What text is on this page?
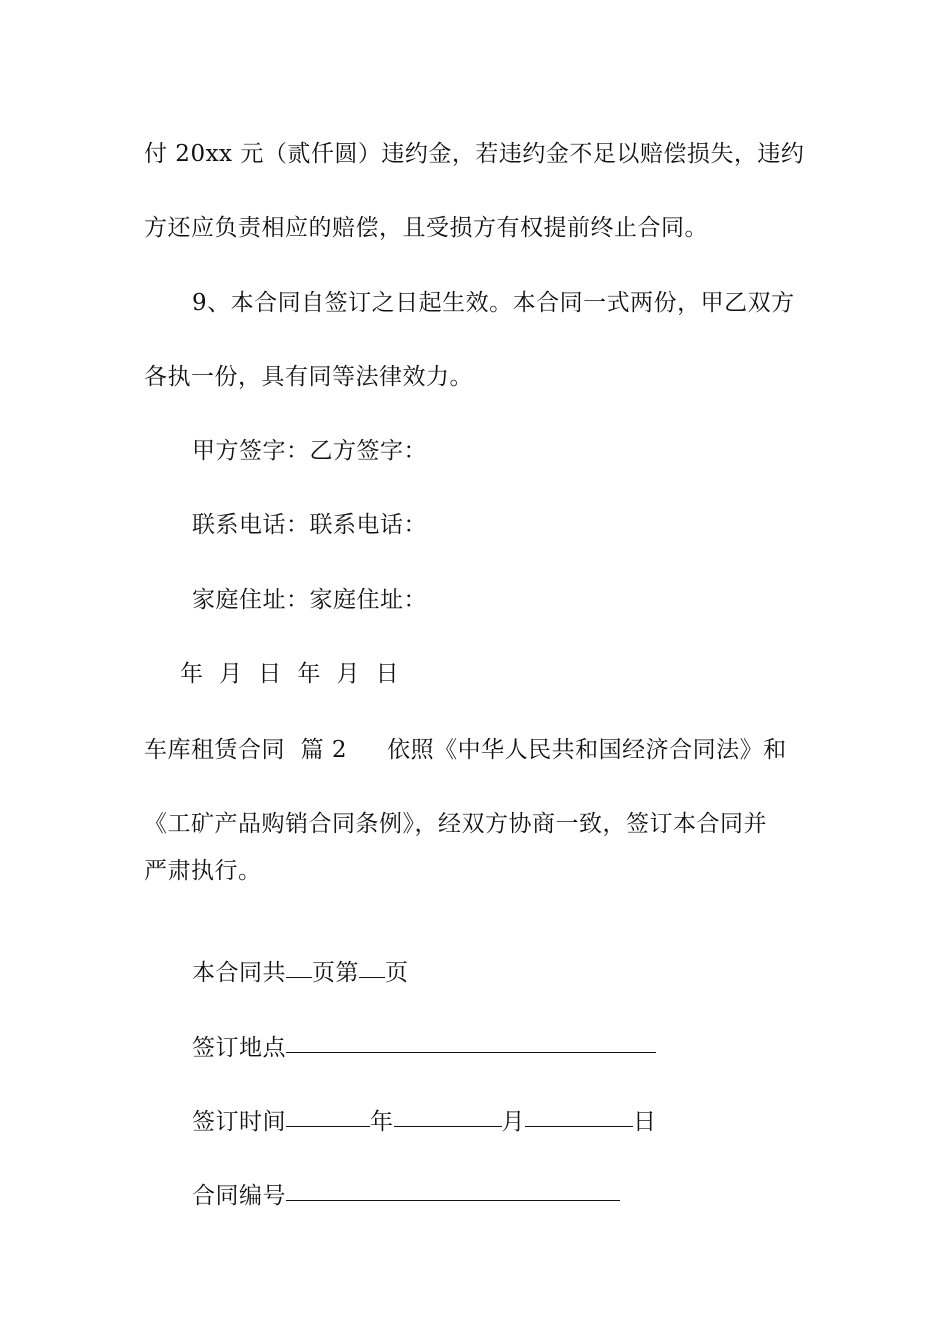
付 20xx 元（贰仟圆）违约金，若违约金不足以赔偿损失，违约
方还应负责相应的赔偿，且受损方有权提前终止合同。
9、本合同自签订之日起生效。本合同一式两份，甲乙双方
各执一份，具有同等法律效力。
甲方签字：乙方签字：
联系电话：联系电话：
家庭住址：家庭住址：
年  月  日  年  月  日
车库租赁合同  篇 2 依照《中华人民共和国经济合同法》和
《工矿产品购销合同条例》，经双方协商一致，签订本合同并
严肃执行。
本合同共 页第 页
签订地点
签订时间	年	月	日
合同编号
